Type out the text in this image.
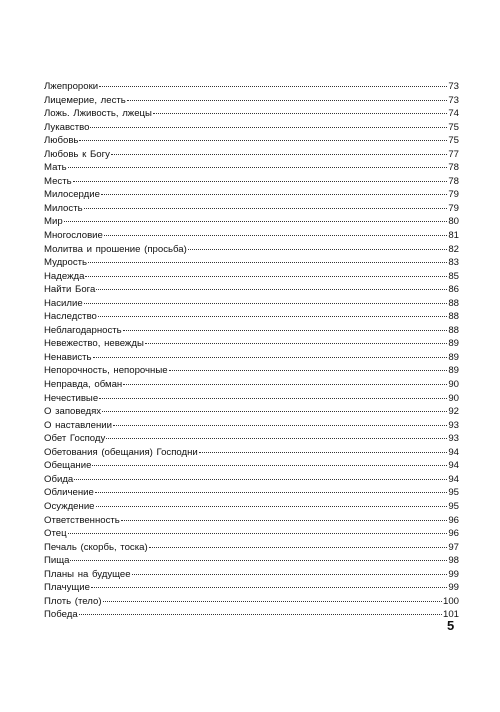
Лжепророки	73
Лицемерие, лесть	73
Ложь. Лживость, лжецы	74
Лукавство	75
Любовь	75
Любовь к Богу	77
Мать	78
Месть	78
Милосердие	79
Милость	79
Мир	80
Многословие	81
Молитва и прошение (просьба)	82
Мудрость	83
Надежда	85
Найти Бога	86
Насилие	88
Наследство	88
Неблагодарность	88
Невежество, невежды	89
Ненависть	89
Непорочность, непорочные	89
Неправда, обман	90
Нечестивые	90
О заповедях	92
О наставлении	93
Обет Господу	93
Обетования (обещания) Господни	94
Обещание	94
Обида	94
Обличение	95
Осуждение	95
Ответственность	96
Отец	96
Печаль (скорбь, тоска)	97
Пища	98
Планы на будущее	99
Плачущие	99
Плоть (тело)	100
Победа	101
5
